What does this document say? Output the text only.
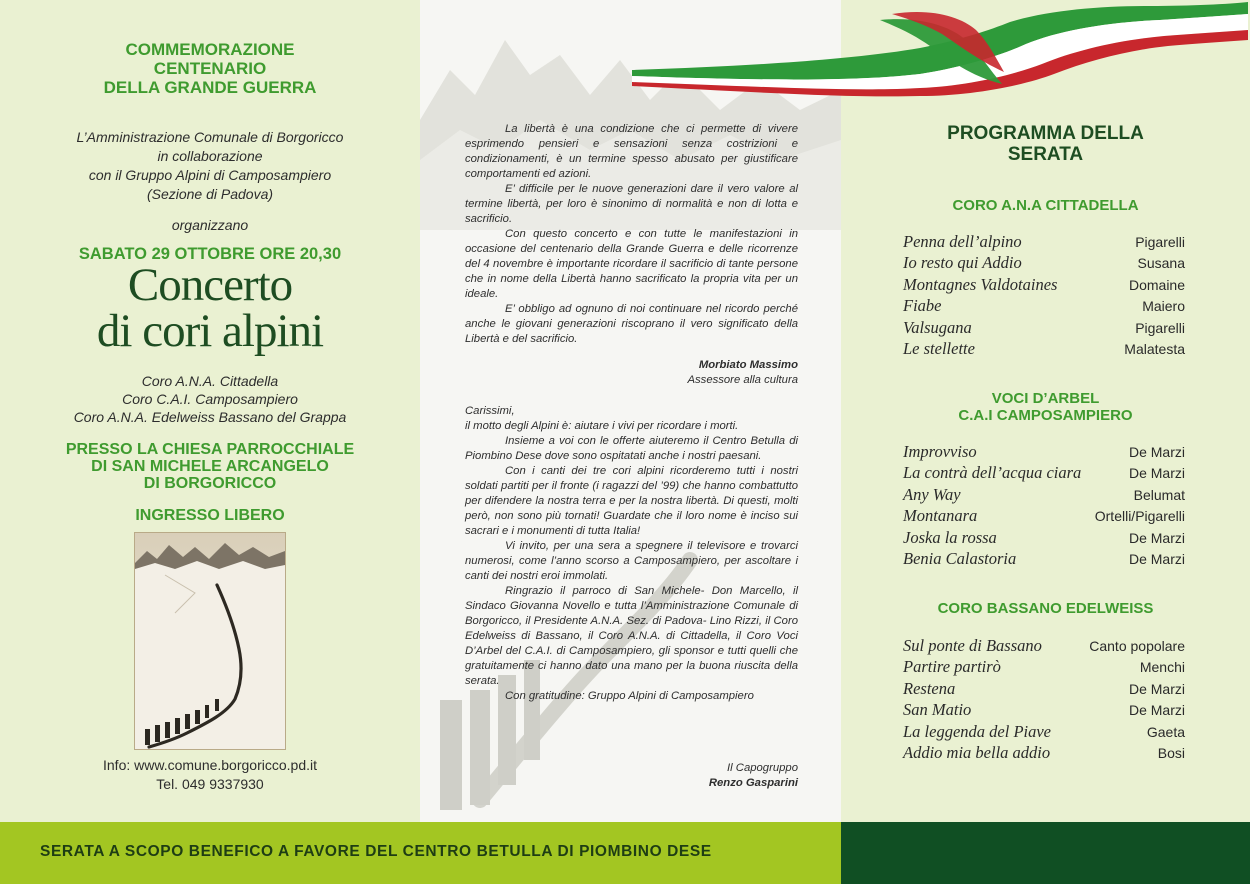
COMMEMORAZIONE
CENTENARIO
DELLA GRANDE GUERRA
L’Amministrazione Comunale di Borgoricco
in collaborazione
con il Gruppo Alpini di Camposampiero
(Sezione di Padova)
organizzano
SABATO 29 OTTOBRE ORE 20,30
Concerto
di cori alpini
Coro A.N.A. Cittadella
Coro C.A.I. Camposampiero
Coro A.N.A. Edelweiss Bassano del Grappa
PRESSO LA CHIESA PARROCCHIALE
DI SAN MICHELE ARCANGELO
DI BORGORICCO
INGRESSO LIBERO
Info: www.comune.borgoricco.pd.it
Tel. 049 9337930

La libertà è una condizione che ci permette di vivere esprimendo pensieri e sensazioni senza costrizioni e condizionamenti, è un termine spesso abusato per giustificare comportamenti ed azioni.

E’ difficile per le nuove generazioni dare il vero valore al termine libertà, per loro è sinonimo di normalità e non di lotta e sacrificio.

Con questo concerto e con tutte le manifestazioni in occasione del centenario della Grande Guerra e delle ricorrenze del 4 novembre è importante ricordare il sacrificio di tante persone che in nome della Libertà hanno sacrificato la propria vita per un ideale.

E’ obbligo ad ognuno di noi continuare nel ricordo perché anche le giovani generazioni riscoprano il vero significato della Libertà e del sacrificio.

Morbiato Massimo
Assessore alla cultura

Carissimi,

il motto degli Alpini è: aiutare i vivi per ricordare i morti.

Insieme a voi con le offerte aiuteremo il Centro Betulla di Piombino Dese dove sono ospitatati anche i nostri paesani.

Con i canti dei tre cori alpini ricorderemo tutti i nostri soldati partiti per il fronte (i ragazzi del ’99) che hanno combattutto per difendere la nostra terra e per la nostra libertà. Di questi, molti però, non sono più tornati! Guardate che il loro nome è inciso sui sacrari e i monumenti di tutta Italia!

Vi invito, per una sera a spegnere il televisore e trovarci numerosi, come l’anno scorso a Camposampiero, per ascoltare i canti dei nostri eroi immolati.

Ringrazio il parroco di San Michele- Don Marcello, il Sindaco Giovanna Novello e tutta l’Amministrazione Comunale di Borgoricco, il Presidente A.N.A. Sez. di Padova- Lino Rizzi, il Coro Edelweiss di Bassano, il Coro A.N.A. di Cittadella, il Coro Voci D’Arbel del C.A.I. di Camposampiero, gli sponsor e tutti quelli che gratuitamente ci hanno dato una mano per la buona riuscita della serata.

Con gratitudine: Gruppo Alpini di Camposampiero

Il Capogruppo
Renzo Gasparini
PROGRAMMA DELLA
SERATA
CORO A.N.A CITTADELLA
Penna dell’alpino	Pigarelli
Io resto qui Addio	Susana
Montagnes Valdotaines	Domaine
Fiabe	Maiero
Valsugana	Pigarelli
Le stellette	Malatesta
VOCI D’ARBEL
C.A.I CAMPOSAMPIERO
Improvviso	De Marzi
La contrà dell’acqua ciara	De Marzi
Any Way	Belumat
Montanara	Ortelli/Pigarelli
Joska la rossa	De Marzi
Benia Calastoria	De Marzi
CORO BASSANO EDELWEISS
Sul ponte di Bassano	Canto popolare
Partire partirò	Menchi
Restena	De Marzi
San Matio	De Marzi
La leggenda del Piave	Gaeta
Addio mia bella addio	Bosi
SERATA A SCOPO BENEFICO A FAVORE DEL CENTRO BETULLA DI PIOMBINO DESE
